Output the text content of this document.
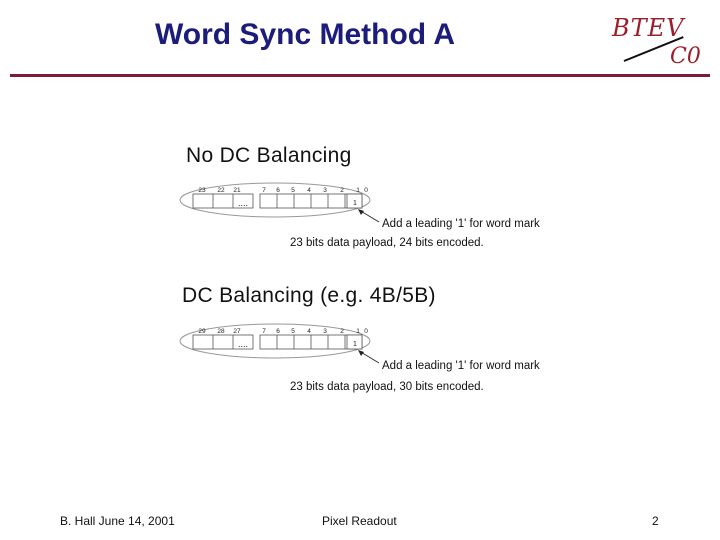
Word Sync Method A	BTEV
C0
No DC Balancing
23 22 21	7 6 5 4 3 2 1 0
....	1
Add a leading '1' for word mark
23 bits data payload, 24 bits encoded.
DC Balancing (e.g. 4B/5B)
29 28 27	7 6 5 4 3 2 1 0
....	1
Add a leading '1' for word mark
23 bits data payload, 30 bits encoded.
B. Hall June 14, 2001	Pixel Readout	2
